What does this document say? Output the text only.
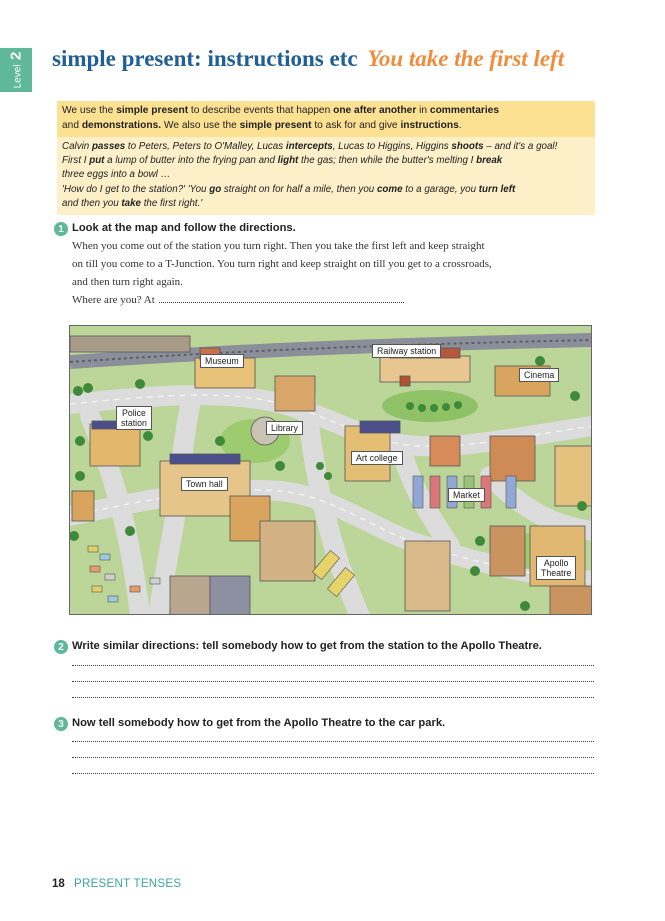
Level 2 simple present: instructions etc You take the first left

We use the simple present to describe events that happen one after another in commentaries

and demonstrations. We also use the simple present to ask for and give instructions.

Calvin passes to Peters, Peters to O'Malley, Lucas intercepts, Lucas to Higgins, Higgins shoots – and it's a goal!

First I put a lump of butter into the frying pan and light the gas; then while the butter's melting I break

three eggs into a bowl …

'How do I get to the station?' 'You go straight on for half a mile, then you come to a garage, you turn left

and then you take the first right.'

1 Look at the map and follow the directions.

When you come out of the station you turn right. Then you take the first left and keep straight

on till you come to a T-Junction. You turn right and keep straight on till you get to a crossroads,

and then turn right again.

Where are you? At
Museum
Railway station
Cinema
Police
station	Library
Art college
Town hall
Market
Apollo
Theatre
2 Write similar directions: tell somebody how to get from the station to the Apollo Theatre.
3 Now tell somebody how to get from the Apollo Theatre to the car park.
18 PRESENT TENSES
